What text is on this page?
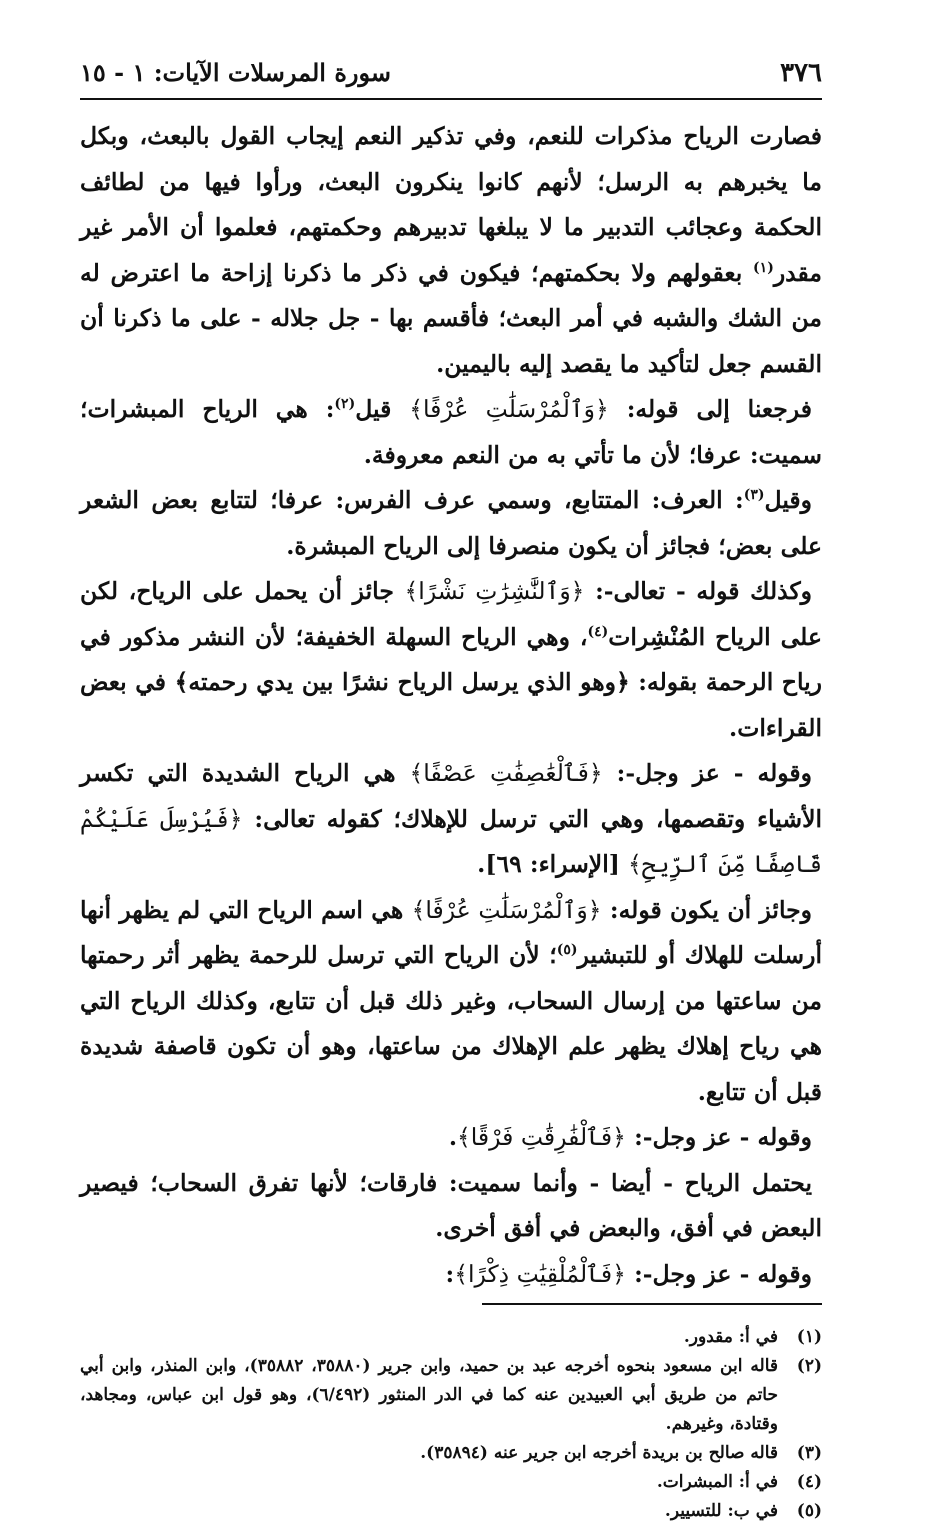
٣٧٦
سورة المرسلات الآيات: ١ - ١٥

فصارت الرياح مذكرات للنعم، وفي تذكير النعم إيجاب القول بالبعث، وبكل ما يخبرهم به الرسل؛ لأنهم كانوا ينكرون البعث، ورأوا فيها من لطائف الحكمة وعجائب التدبير ما لا يبلغها تدبيرهم وحكمتهم، فعلموا أن الأمر غير مقدر$^{(١)}$ بعقولهم ولا بحكمتهم؛ فيكون في ذكر ما ذكرنا إزاحة ما اعترض له من الشك والشبه في أمر البعث؛ فأقسم بها - جل جلاله - على ما ذكرنا أن القسم جعل لتأكيد ما يقصد إليه باليمين.

فرجعنا إلى قوله: ﴿وَٱلْمُرْسَلَٰتِ عُرْفًا﴾ قيل$^{(٢)}$: هي الرياح المبشرات؛ سميت: عرفا؛ لأن ما تأتي به من النعم معروفة.

وقيل$^{(٣)}$: العرف: المتتابع، وسمي عرف الفرس: عرفا؛ لتتابع بعض الشعر على بعض؛ فجائز أن يكون منصرفا إلى الرياح المبشرة.

وكذلك قوله - تعالى-: ﴿وَٱلنَّٰشِرَٰتِ نَشْرًا﴾ جائز أن يحمل على الرياح، لكن على الرياح المُنْشِرات$^{(٤)}$، وهي الرياح السهلة الخفيفة؛ لأن النشر مذكور في رياح الرحمة بقوله: ﴿وهو الذي يرسل الرياح نشرًا بين يدي رحمته﴾ في بعض القراءات.

وقوله - عز وجل-: ﴿فَٱلْعَٰصِفَٰتِ عَصْفًا﴾ هي الرياح الشديدة التي تكسر الأشياء وتقصمها، وهي التي ترسل للإهلاك؛ كقوله تعالى: ﴿فَيُرْسِلَ عَلَيْكُمْ قَاصِفًا مِّنَ ٱلرِّيحِ﴾ [الإسراء: ٦٩].

وجائز أن يكون قوله: ﴿وَٱلْمُرْسَلَٰتِ عُرْفًا﴾ هي اسم الرياح التي لم يظهر أنها أرسلت للهلاك أو للتبشير$^{(٥)}$؛ لأن الرياح التي ترسل للرحمة يظهر أثر رحمتها من ساعتها من إرسال السحاب، وغير ذلك قبل أن تتابع، وكذلك الرياح التي هي رياح إهلاك يظهر علم الإهلاك من ساعتها، وهو أن تكون قاصفة شديدة قبل أن تتابع.

وقوله - عز وجل-: ﴿فَٱلْفَٰرِقَٰتِ فَرْقًا﴾.

يحتمل الرياح - أيضا - وأنما سميت: فارقات؛ لأنها تفرق السحاب؛ فيصير البعض في أفق، والبعض في أفق أخرى.

وقوله - عز وجل-: ﴿فَٱلْمُلْقِيَٰتِ ذِكْرًا﴾:

(١)
في أ: مقدور.
(٢)
قاله ابن مسعود بنحوه أخرجه عبد بن حميد، وابن جرير (٣٥٨٨٠، ٣٥٨٨٢)، وابن المنذر، وابن أبي حاتم من طريق أبي العبيدين عنه كما في الدر المنثور (٦/٤٩٢)، وهو قول ابن عباس، ومجاهد، وقتادة، وغيرهم.
(٣)
قاله صالح بن بريدة أخرجه ابن جرير عنه (٣٥٨٩٤).
(٤)
في أ: المبشرات.
(٥)
في ب: للتسيير.
